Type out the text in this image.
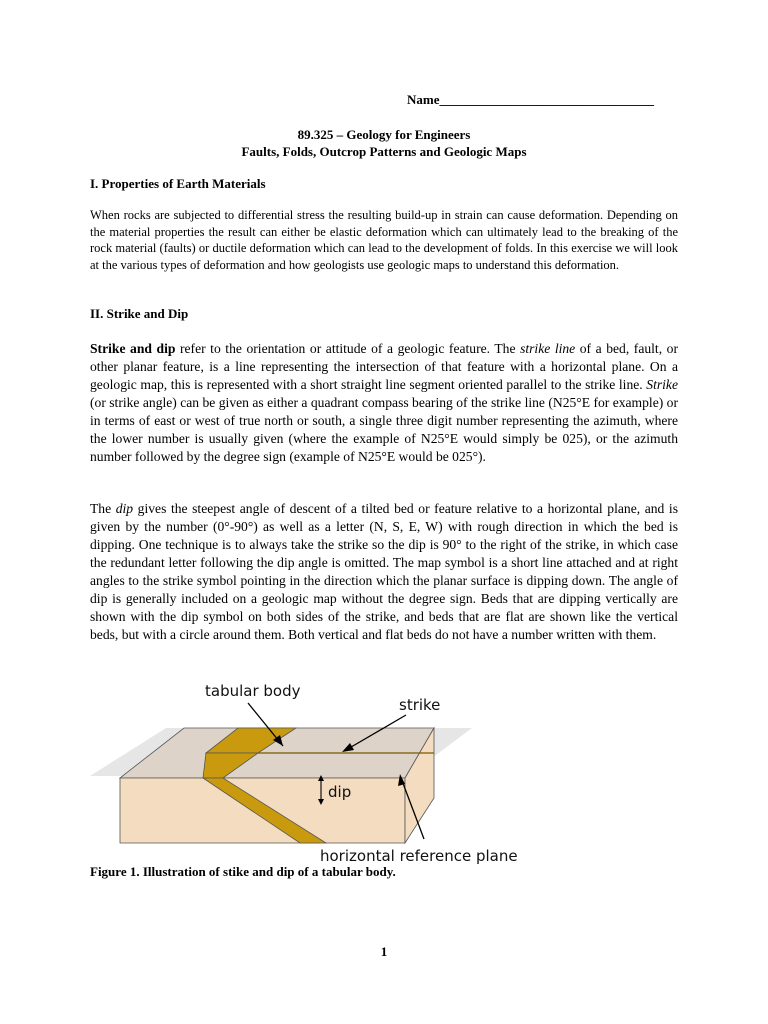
Name_________________________________
89.325 – Geology for Engineers
Faults, Folds, Outcrop Patterns and Geologic Maps
I. Properties of Earth Materials

When rocks are subjected to differential stress the resulting build-up in strain can cause deformation. Depending on the material properties the result can either be elastic deformation which can ultimately lead to the breaking of the rock material (faults) or ductile deformation which can lead to the development of folds. In this exercise we will look at the various types of deformation and how geologists use geologic maps to understand this deformation.

II. Strike and Dip

Strike and dip refer to the orientation or attitude of a geologic feature. The strike line of a bed, fault, or other planar feature, is a line representing the intersection of that feature with a horizontal plane. On a geologic map, this is represented with a short straight line segment oriented parallel to the strike line. Strike (or strike angle) can be given as either a quadrant compass bearing of the strike line (N25°E for example) or in terms of east or west of true north or south, a single three digit number representing the azimuth, where the lower number is usually given (where the example of N25°E would simply be 025), or the azimuth number followed by the degree sign (example of N25°E would be 025°).

The dip gives the steepest angle of descent of a tilted bed or feature relative to a horizontal plane, and is given by the number (0°-90°) as well as a letter (N, S, E, W) with rough direction in which the bed is dipping. One technique is to always take the strike so the dip is 90° to the right of the strike, in which case the redundant letter following the dip angle is omitted. The map symbol is a short line attached and at right angles to the strike symbol pointing in the direction which the planar surface is dipping down. The angle of dip is generally included on a geologic map without the degree sign. Beds that are dipping vertically are shown with the dip symbol on both sides of the strike, and beds that are flat are shown like the vertical beds, but with a circle around them. Both vertical and flat beds do not have a number written with them.

tabular body
strike
dip
horizontal reference plane
Figure 1. Illustration of stike and dip of a tabular body.
1
